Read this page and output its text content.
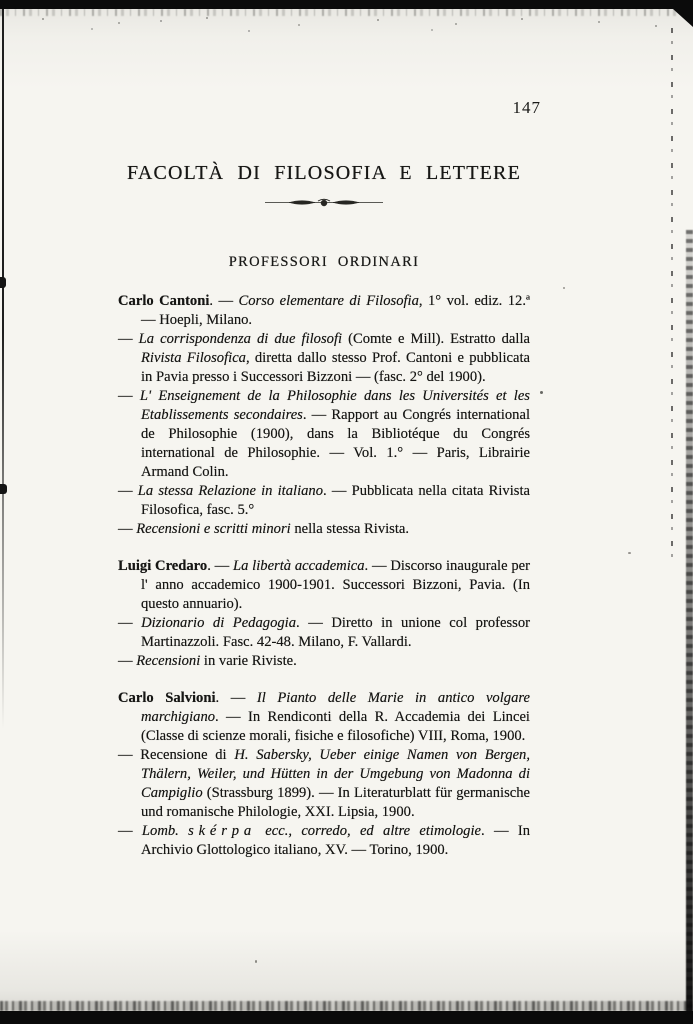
147
FACOLTÀ DI FILOSOFIA E LETTERE
PROFESSORI ORDINARI

Carlo Cantoni. — Corso elementare di Filosofia, 1° vol. ediz. 12.ª — Hoepli, Milano.

— La corrispondenza di due filosofi (Comte e Mill). Estratto dalla Rivista Filosofica, diretta dallo stesso Prof. Cantoni e pubblicata in Pavia presso i Successori Bizzoni — (fasc. 2° del 1900).

— L' Enseignement de la Philosophie dans les Universités et les Etablissements secondaires. — Rapport au Congrés international de Philosophie (1900), dans la Bibliotéque du Congrés international de Philosophie. — Vol. 1.° — Paris, Librairie Armand Colin.

— La stessa Relazione in italiano. — Pubblicata nella citata Rivista Filosofica, fasc. 5.°

— Recensioni e scritti minori nella stessa Rivista.

Luigi Credaro. — La libertà accademica. — Discorso inaugurale per l' anno accademico 1900-1901. Successori Bizzoni, Pavia. (In questo annuario).

— Dizionario di Pedagogia. — Diretto in unione col professor Martinazzoli. Fasc. 42-48. Milano, F. Vallardi.

— Recensioni in varie Riviste.

Carlo Salvioni. — Il Pianto delle Marie in antico volgare marchigiano. — In Rendiconti della R. Accademia dei Lincei (Classe di scienze morali, fisiche e filosofiche) VIII, Roma, 1900.

— Recensione di H. Sabersky, Ueber einige Namen von Bergen, Thälern, Weiler, und Hütten in der Umgebung von Madonna di Campiglio (Strassburg 1899). — In Literaturblatt für germanische und romanische Philologie, XXI. Lipsia, 1900.

— Lomb. skérpa ecc., corredo, ed altre etimologie. — In Archivio Glottologico italiano, XV. — Torino, 1900.
